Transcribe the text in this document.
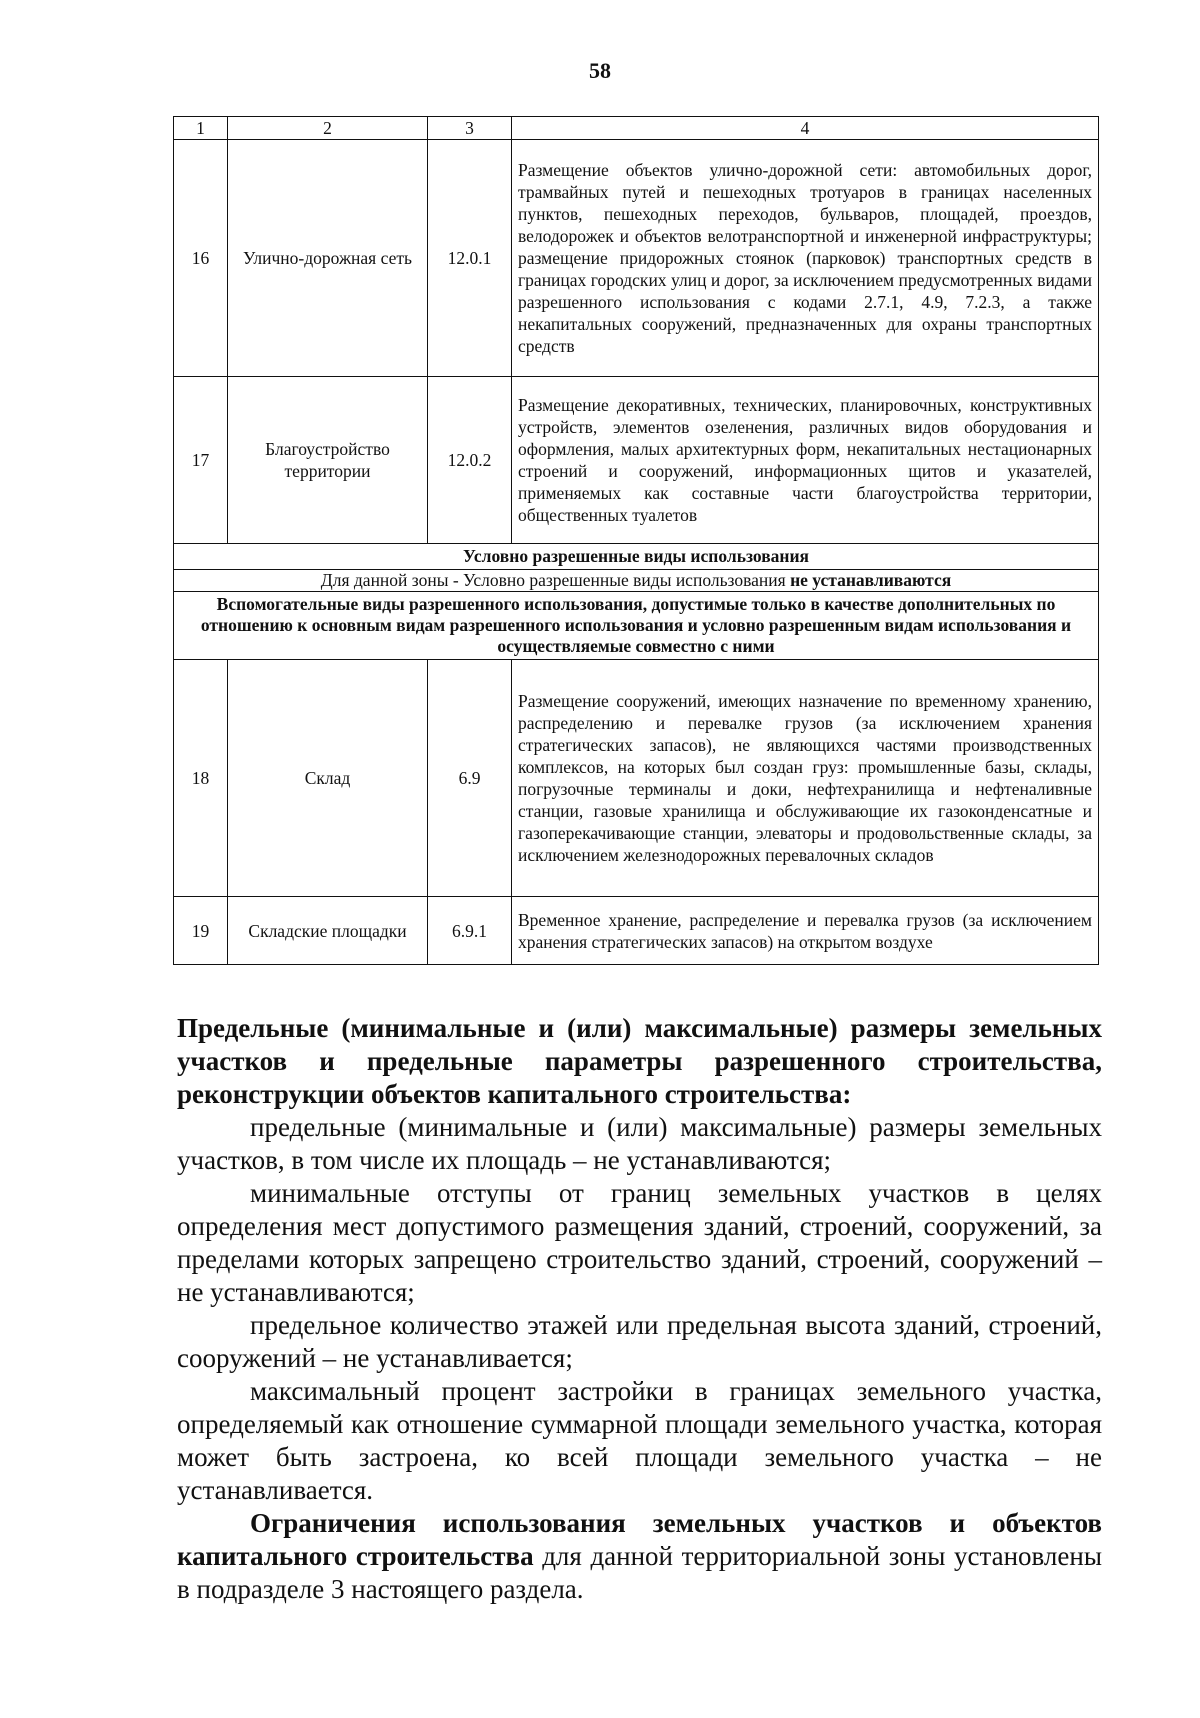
58
1	2	3	4
16	Улично-дорожная сеть	12.0.1	Размещение объектов улично-дорожной сети: автомобильных дорог, трамвайных путей и пешеходных тротуаров в границах населенных пунктов, пешеходных переходов, бульваров, площадей, проездов, велодорожек и объектов велотранспортной и инженерной инфраструктуры; размещение придорожных стоянок (парковок) транспортных средств в границах городских улиц и дорог, за исключением предусмотренных видами разрешенного использования с кодами 2.7.1, 4.9, 7.2.3, а также некапитальных сооружений, предназначенных для охраны транспортных средств
17	Благоустройство территории	12.0.2	Размещение декоративных, технических, планировочных, конструктивных устройств, элементов озеленения, различных видов оборудования и оформления, малых архитектурных форм, некапитальных нестационарных строений и сооружений, информационных щитов и указателей, применяемых как составные части благоустройства территории, общественных туалетов
Условно разрешенные виды использования			
Для данной зоны - Условно разрешенные виды использования не устанавливаются			
Вспомогательные виды разрешенного использования, допустимые только в качестве дополнительных по отношению к основным видам разрешенного использования и условно разрешенным видам использования и осуществляемые совместно с ними			
18	Склад	6.9	Размещение сооружений, имеющих назначение по временному хранению, распределению и перевалке грузов (за исключением хранения стратегических запасов), не являющихся частями производственных комплексов, на которых был создан груз: промышленные базы, склады, погрузочные терминалы и доки, нефтехранилища и нефтеналивные станции, газовые хранилища и обслуживающие их газоконденсатные и газоперекачивающие станции, элеваторы и продовольственные склады, за исключением железнодорожных перевалочных складов
19	Складские площадки	6.9.1	Временное хранение, распределение и перевалка грузов (за исключением хранения стратегических запасов) на открытом воздухе

Предельные (минимальные и (или) максимальные) размеры земельных участков и предельные параметры разрешенного строительства, реконструкции объектов капитального строительства:

предельные (минимальные и (или) максимальные) размеры земельных участков, в том числе их площадь – не устанавливаются;

минимальные отступы от границ земельных участков в целях определения мест допустимого размещения зданий, строений, сооружений, за пределами которых запрещено строительство зданий, строений, сооружений – не устанавливаются;

предельное количество этажей или предельная высота зданий, строений, сооружений – не устанавливается;

максимальный процент застройки в границах земельного участка, определяемый как отношение суммарной площади земельного участка, которая может быть застроена, ко всей площади земельного участка – не устанавливается.

Ограничения использования земельных участков и объектов капитального строительства для данной территориальной зоны установлены в подразделе 3 настоящего раздела.
